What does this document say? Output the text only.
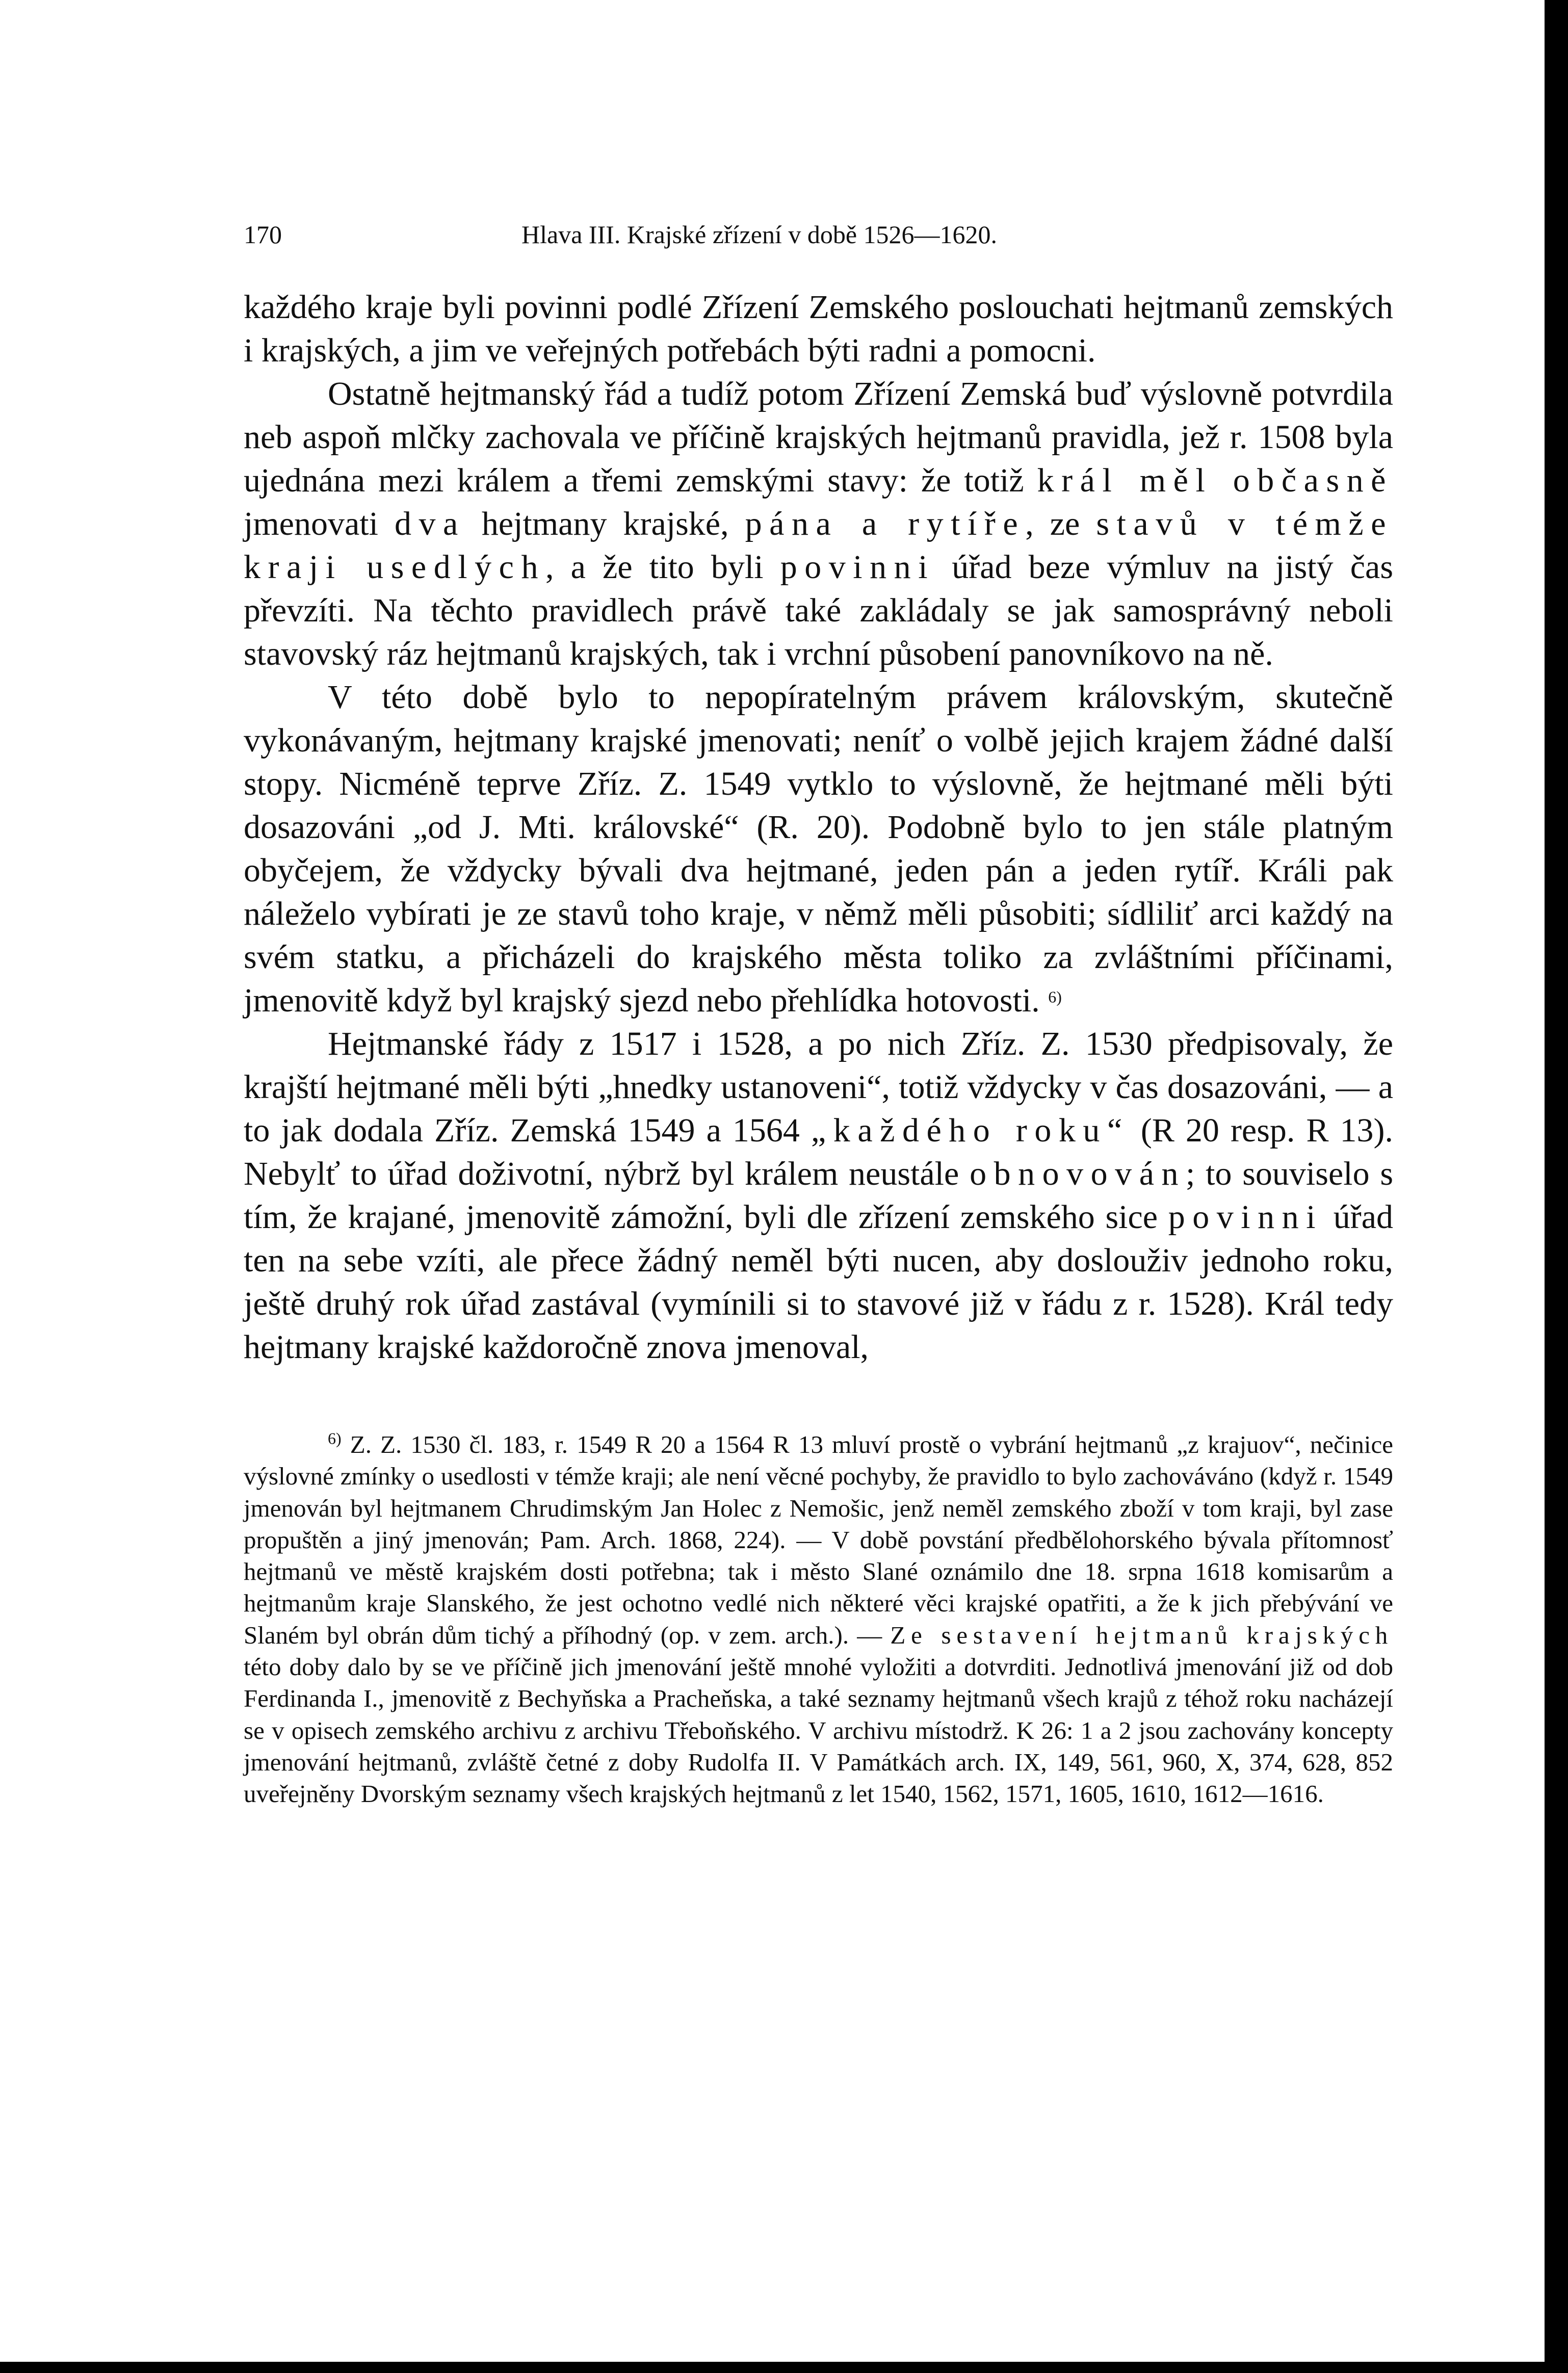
170	Hlava III. Krajské zřízení v době 1526—1620.

každého kraje byli povinni podlé Zřízení Zemského poslouchati hejtmanů zemských i krajských, a jim ve veřejných potřebách býti radni a pomocni.

Ostatně hejtmanský řád a tudíž potom Zřízení Zemská buď výslovně potvrdila neb aspoň mlčky zachovala ve příčině krajských hejtmanů pravidla, jež r. 1508 byla ujednána mezi králem a třemi zemskými stavy: že totiž král měl občasně jmenovati dva hejtmany krajské, pána a rytíře, ze stavů v témže kraji usedlých, a že tito byli povinni úřad beze výmluv na jistý čas převzíti. Na těchto pravidlech právě také zakládaly se jak samosprávný neboli stavovský ráz hejtmanů krajských, tak i vrchní působení panovníkovo na ně.

V této době bylo to nepopíratelným právem královským, skutečně vykonávaným, hejtmany krajské jmenovati; neníť o volbě jejich krajem žádné další stopy. Nicméně teprve Zříz. Z. 1549 vytklo to výslovně, že hejtmané měli býti dosazováni „od J. Mti. královské“ (R. 20). Podobně bylo to jen stále platným obyčejem, že vždycky bývali dva hejtmané, jeden pán a jeden rytíř. Králi pak náleželo vybírati je ze stavů toho kraje, v němž měli působiti; sídliliť arci každý na svém statku, a přicházeli do krajského města toliko za zvláštními příčinami, jmenovitě když byl krajský sjezd nebo přehlídka hotovosti. $^{6)}$

Hejtmanské řády z 1517 i 1528, a po nich Zříz. Z. 1530 předpisovaly, že krajští hejtmané měli býti „hnedky ustanoveni“, totiž vždycky v čas dosazováni, — a to jak dodala Zříz. Zemská 1549 a 1564 „každého roku“ (R 20 resp. R 13). Nebylť to úřad doživotní, nýbrž byl králem neustále obnovován; to souviselo s tím, že krajané, jmenovitě zámožní, byli dle zřízení zemského sice povinni úřad ten na sebe vzíti, ale přece žádný neměl býti nucen, aby doslouživ jednoho roku, ještě druhý rok úřad zastával (vymínili si to stavové již v řádu z r. 1528). Král tedy hejtmany krajské každoročně znova jmenoval,

$^{6)}$ Z. Z. 1530 čl. 183, r. 1549 R 20 a 1564 R 13 mluví prostě o vybrání hejtmanů „z krajuov“, nečinice výslovné zmínky o usedlosti v témže kraji; ale není věcné pochyby, že pravidlo to bylo zachováváno (když r. 1549 jmenován byl hejtmanem Chrudimským Jan Holec z Nemošic, jenž neměl zemského zboží v tom kraji, byl zase propuštěn a jiný jmenován; Pam. Arch. 1868, 224). — V době povstání předbělohorského bývala přítomnosť hejtmanů ve městě krajském dosti potřebna; tak i město Slané oznámilo dne 18. srpna 1618 komisarům a hejtmanům kraje Slanského, že jest ochotno vedlé nich některé věci krajské opatřiti, a že k jich přebývání ve Slaném byl obrán dům tichý a příhodný (op. v zem. arch.). — Ze sestavení hejtmanů krajských této doby dalo by se ve příčině jich jmenování ještě mnohé vyložiti a dotvrditi. Jednotlivá jmenování již od dob Ferdinanda I., jmenovitě z Bechyňska a Pracheňska, a také seznamy hejtmanů všech krajů z téhož roku nacházejí se v opisech zemského archivu z archivu Třeboňského. V archivu místodrž. K 26: 1 a 2 jsou zachovány koncepty jmenování hejtmanů, zvláště četné z doby Rudolfa II. V Památkách arch. IX, 149, 561, 960, X, 374, 628, 852 uveřejněny Dvorským seznamy všech krajských hejtmanů z let 1540, 1562, 1571, 1605, 1610, 1612—1616.
